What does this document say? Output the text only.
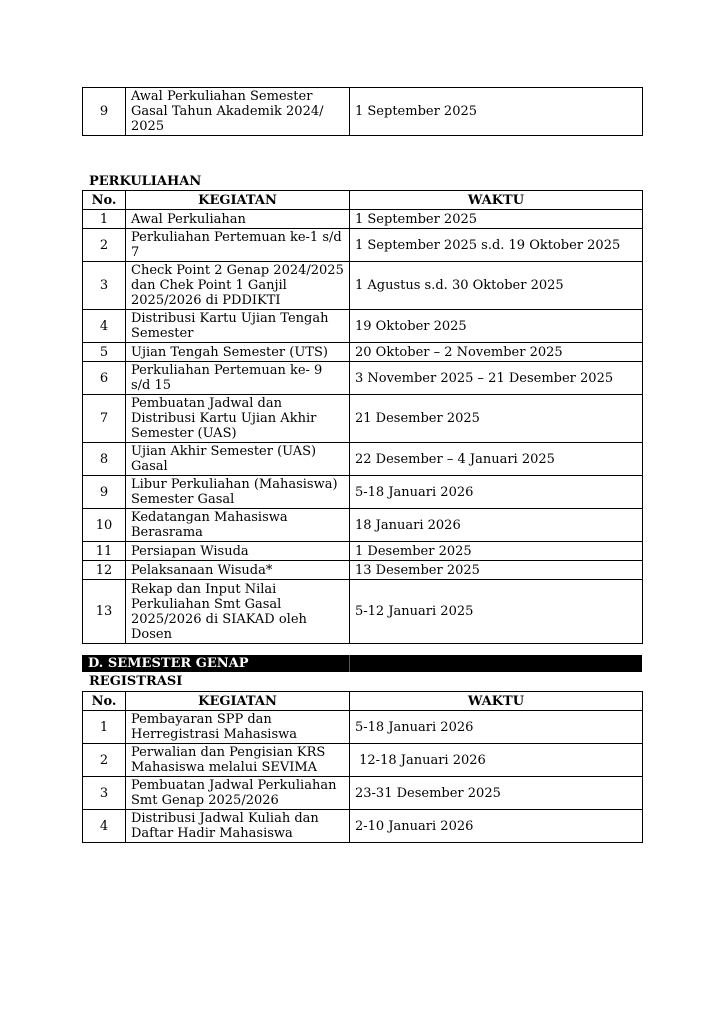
9	Awal Perkuliahan Semester Gasal Tahun Akademik 2024/ 2025	1 September 2025
PERKULIAHAN
No.	KEGIATAN	WAKTU
1	Awal Perkuliahan	1 September 2025
2	Perkuliahan Pertemuan ke-1 s/d 7	1 September 2025 s.d. 19 Oktober 2025
3	Check Point 2 Genap 2024/2025 dan Chek Point 1 Ganjil 2025/2026 di PDDIKTI	1 Agustus s.d. 30 Oktober 2025
4	Distribusi Kartu Ujian Tengah Semester	19 Oktober 2025
5	Ujian Tengah Semester (UTS)	20 Oktober – 2 November 2025
6	Perkuliahan Pertemuan ke- 9 s/d 15	3 November 2025 – 21 Desember 2025
7	Pembuatan Jadwal dan Distribusi Kartu Ujian Akhir Semester (UAS)	21 Desember 2025
8	Ujian Akhir Semester (UAS) Gasal	22 Desember – 4 Januari 2025
9	Libur Perkuliahan (Mahasiswa) Semester Gasal	5-18 Januari 2026
10	Kedatangan Mahasiswa Berasrama	18 Januari 2026
11	Persiapan Wisuda	1 Desember 2025
12	Pelaksanaan Wisuda*	13 Desember 2025
13	Rekap dan Input Nilai Perkuliahan Smt Gasal 2025/2026 di SIAKAD oleh Dosen	5-12 Januari 2025
D. SEMESTER GENAP
REGISTRASI
No.	KEGIATAN	WAKTU
1	Pembayaran SPP dan Herregistrasi Mahasiswa	5-18 Januari 2026
2	Perwalian dan Pengisian KRS Mahasiswa melalui SEVIMA	12-18 Januari 2026
3	Pembuatan Jadwal Perkuliahan Smt Genap 2025/2026	23-31 Desember 2025
4	Distribusi Jadwal Kuliah dan Daftar Hadir Mahasiswa	2-10 Januari 2026
